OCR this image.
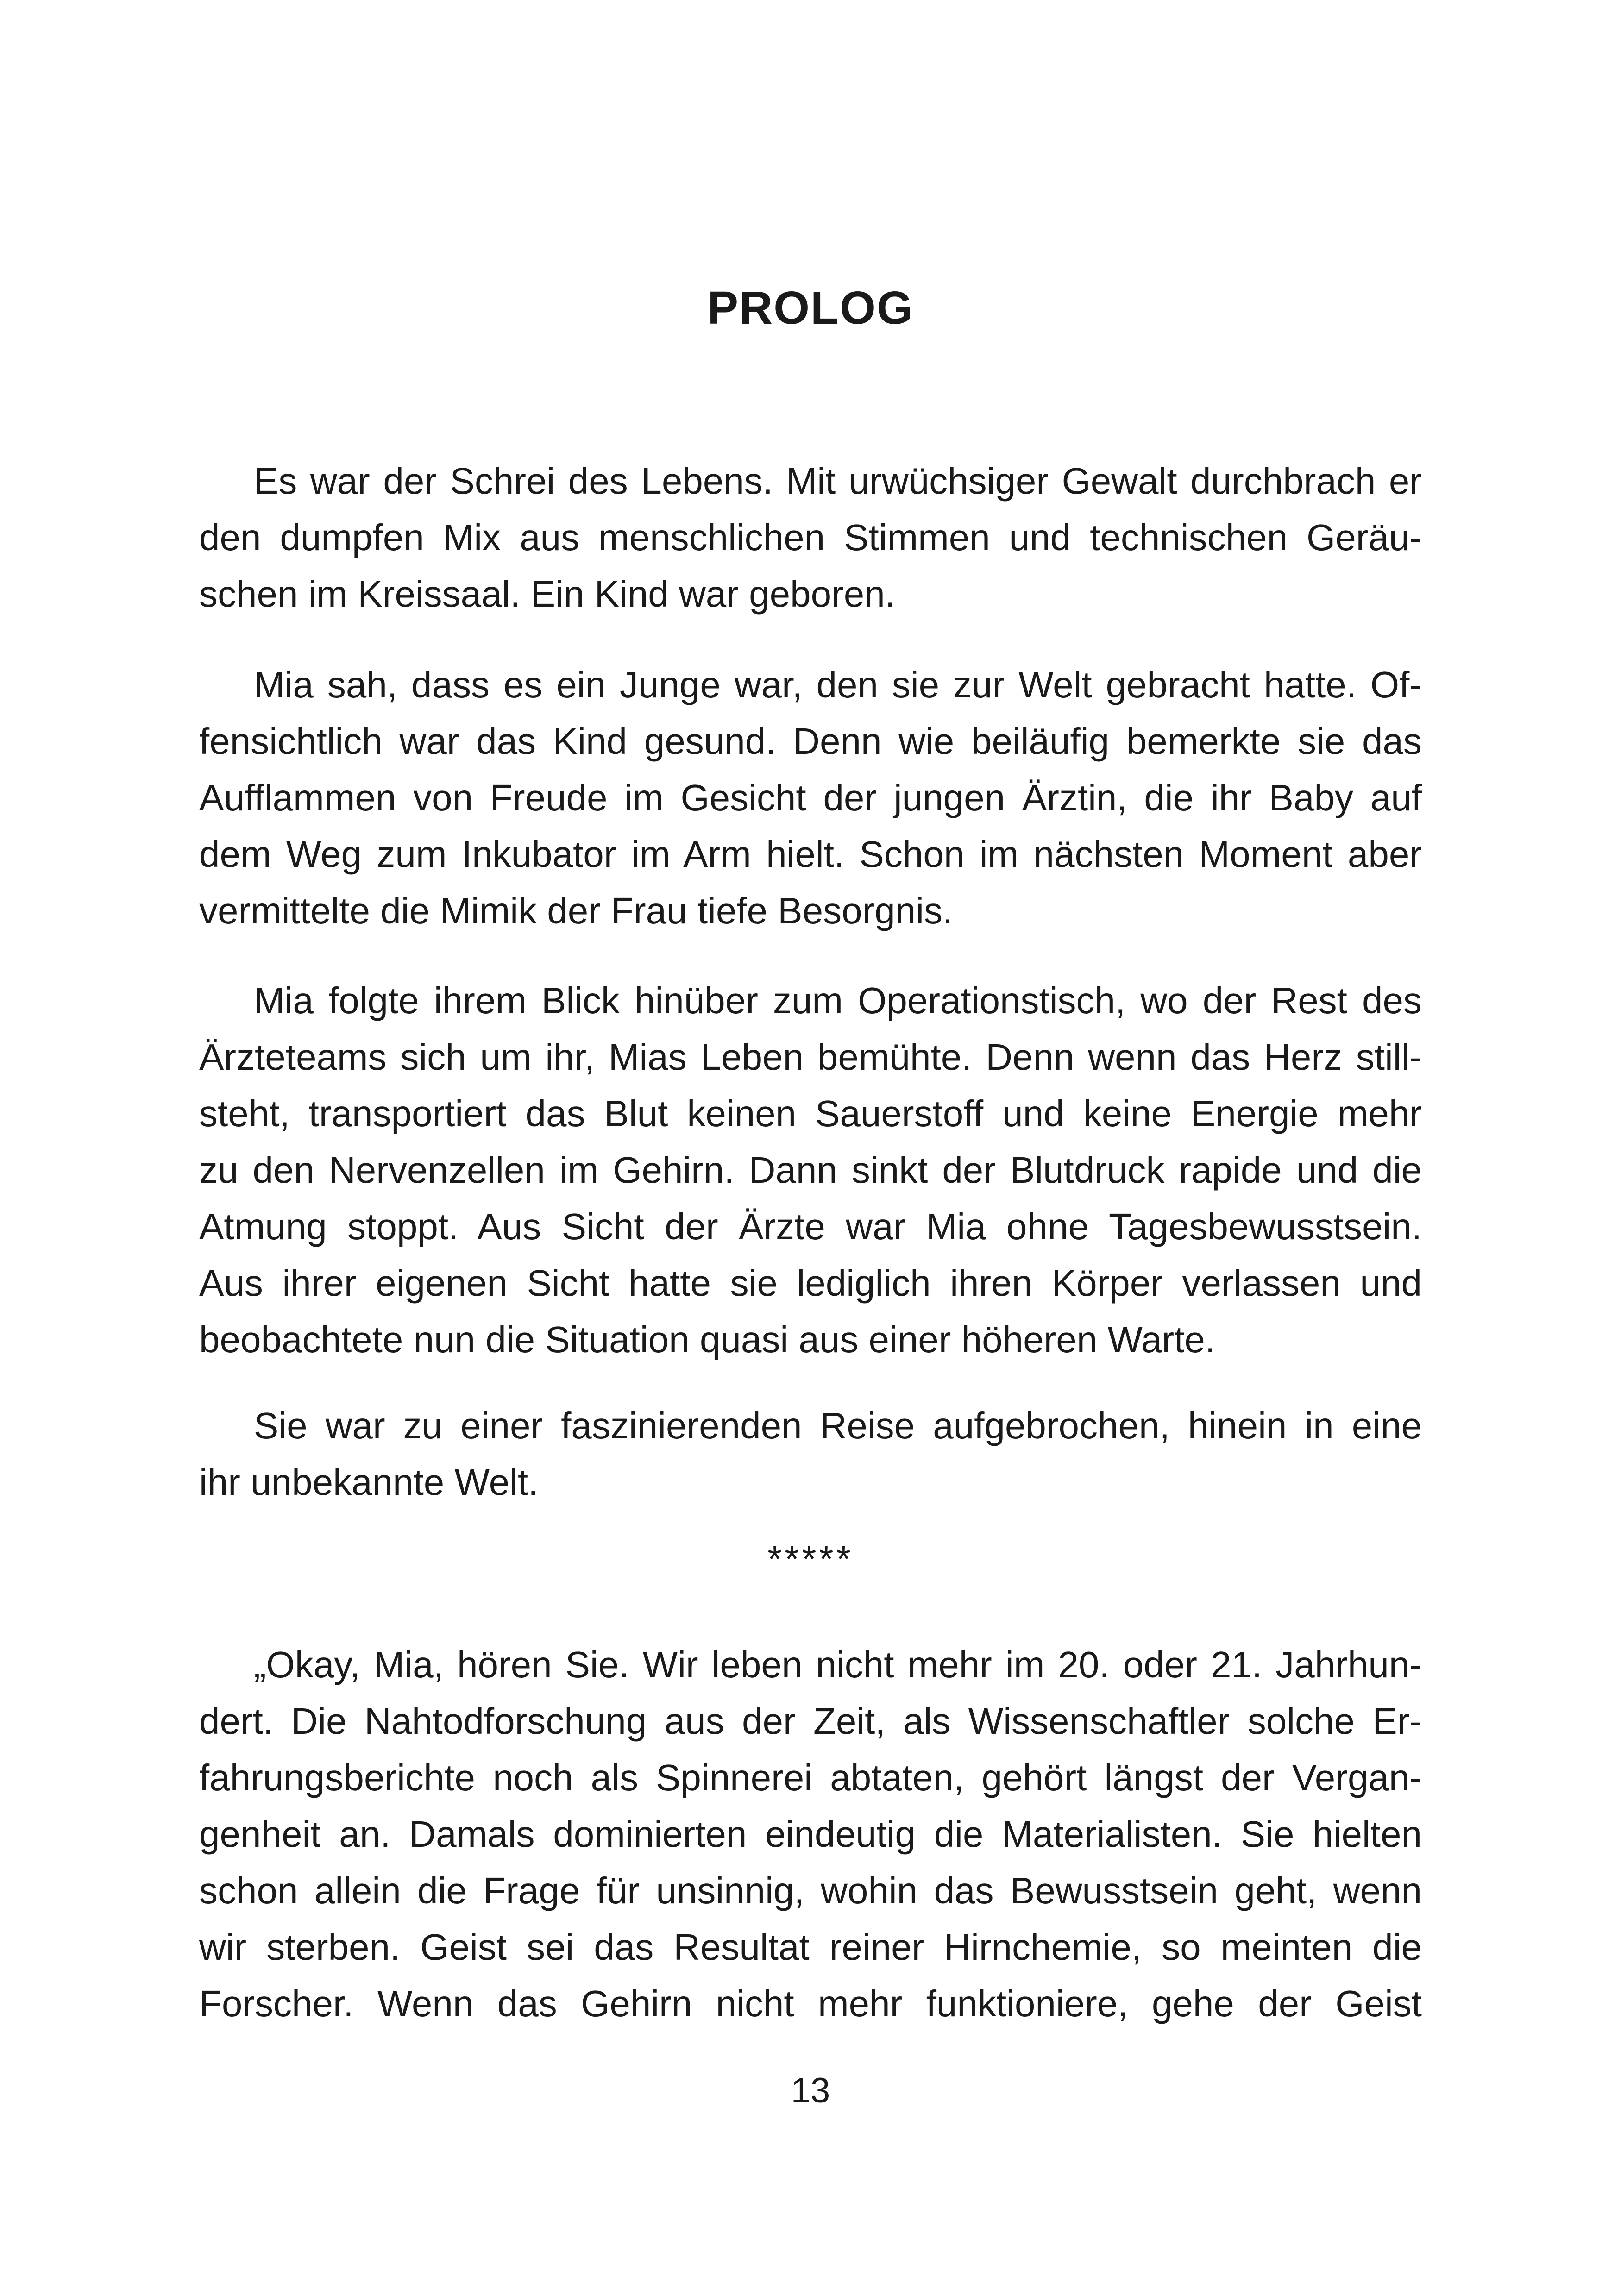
PROLOG
Es war der Schrei des Lebens. Mit urwüchsiger Gewalt durchbrach er
den dumpfen Mix aus menschlichen Stimmen und technischen Geräu-
schen im Kreissaal. Ein Kind war geboren.
Mia sah, dass es ein Junge war, den sie zur Welt gebracht hatte. Of-
fensichtlich war das Kind gesund. Denn wie beiläufig bemerkte sie das
Aufflammen von Freude im Gesicht der jungen Ärztin, die ihr Baby auf
dem Weg zum Inkubator im Arm hielt. Schon im nächsten Moment aber
vermittelte die Mimik der Frau tiefe Besorgnis.
Mia folgte ihrem Blick hinüber zum Operationstisch, wo der Rest des
Ärzteteams sich um ihr, Mias Leben bemühte. Denn wenn das Herz still-
steht, transportiert das Blut keinen Sauerstoff und keine Energie mehr
zu den Nervenzellen im Gehirn. Dann sinkt der Blutdruck rapide und die
Atmung stoppt. Aus Sicht der Ärzte war Mia ohne Tagesbewusstsein.
Aus ihrer eigenen Sicht hatte sie lediglich ihren Körper verlassen und
beobachtete nun die Situation quasi aus einer höheren Warte.
Sie war zu einer faszinierenden Reise aufgebrochen, hinein in eine
ihr unbekannte Welt.
*****
„Okay, Mia, hören Sie. Wir leben nicht mehr im 20. oder 21. Jahrhun-
dert. Die Nahtodforschung aus der Zeit, als Wissenschaftler solche Er-
fahrungsberichte noch als Spinnerei abtaten, gehört längst der Vergan-
genheit an. Damals dominierten eindeutig die Materialisten. Sie hielten
schon allein die Frage für unsinnig, wohin das Bewusstsein geht, wenn
wir sterben. Geist sei das Resultat reiner Hirnchemie, so meinten die
Forscher. Wenn das Gehirn nicht mehr funktioniere, gehe der Geist
13
